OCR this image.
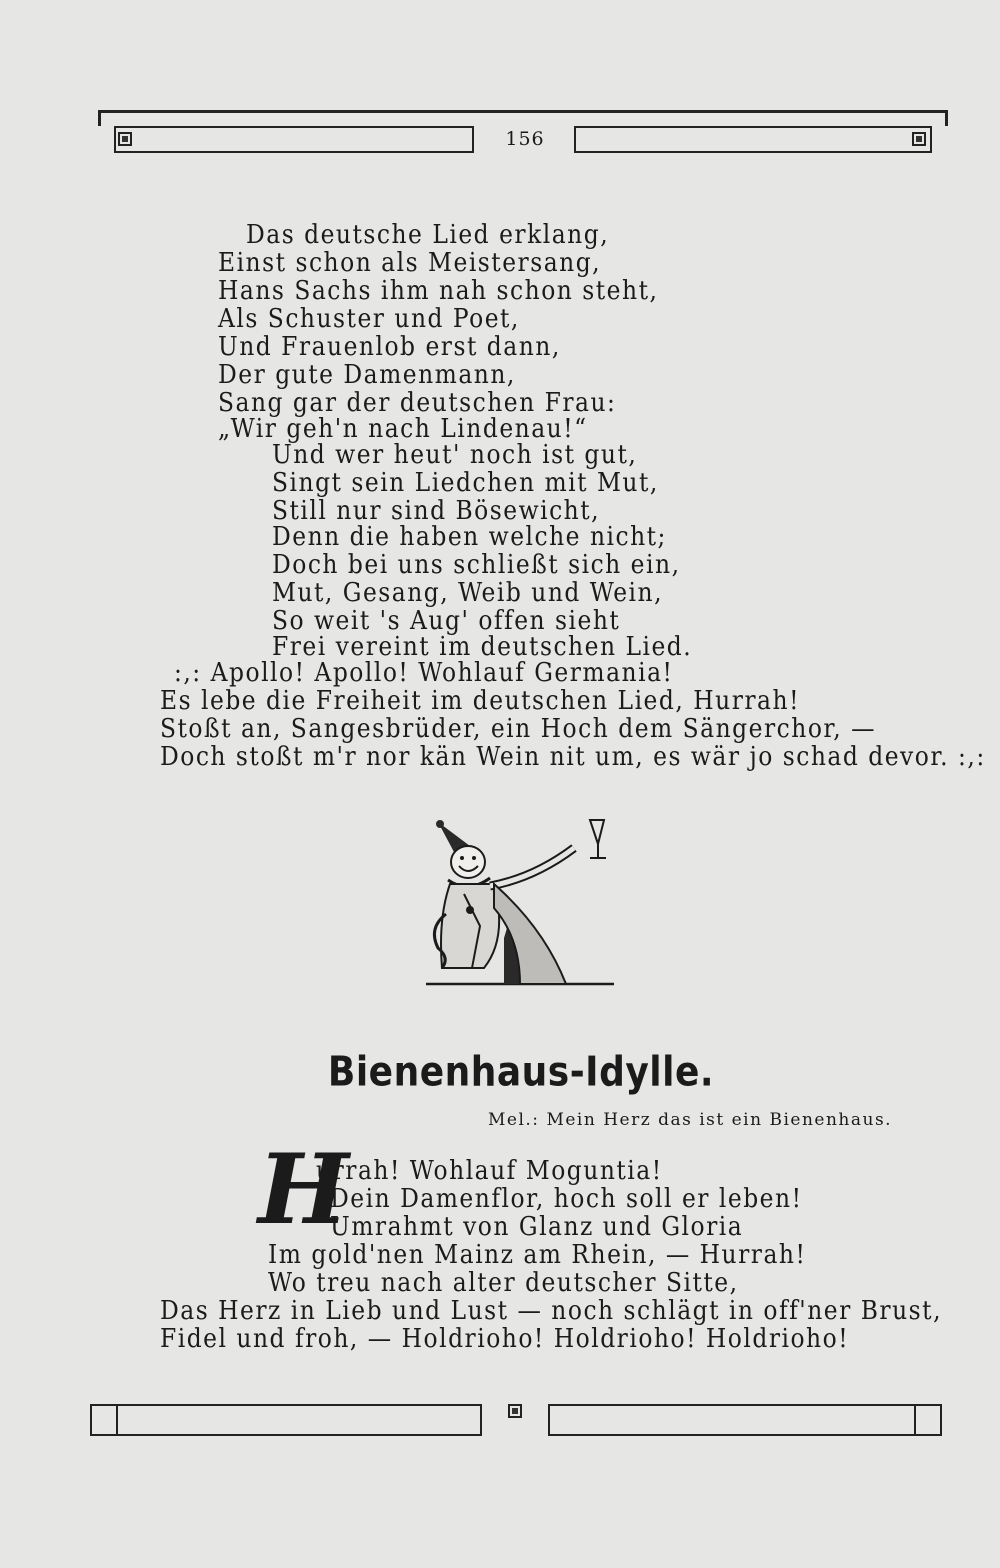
156
Das deutsche Lied erklang,
Einst schon als Meistersang,
Hans Sachs ihm nah schon steht,
Als Schuster und Poet,
Und Frauenlob erst dann,
Der gute Damenmann,
Sang gar der deutschen Frau:
„Wir geh'n nach Lindenau!“
Und wer heut' noch ist gut,
Singt sein Liedchen mit Mut,
Still nur sind Bösewicht,
Denn die haben welche nicht;
Doch bei uns schließt sich ein,
Mut, Gesang, Weib und Wein,
So weit 's Aug' offen sieht
Frei vereint im deutschen Lied.
:,: Apollo! Apollo! Wohlauf Germania!
Es lebe die Freiheit im deutschen Lied, Hurrah!
Stoßt an, Sangesbrüder, ein Hoch dem Sängerchor, —
Doch stoßt m'r nor kän Wein nit um, es wär jo schad devor. :,:
Bienenhaus-Idylle.
Mel.: Mein Herz das ist ein Bienenhaus.
H
urrah! Wohlauf Moguntia!
Dein Damenflor, hoch soll er leben!
Umrahmt von Glanz und Gloria
Im gold'nen Mainz am Rhein, — Hurrah!
Wo treu nach alter deutscher Sitte,
Das Herz in Lieb und Lust — noch schlägt in off'ner Brust,
Fidel und froh, — Holdrioho! Holdrioho! Holdrioho!
